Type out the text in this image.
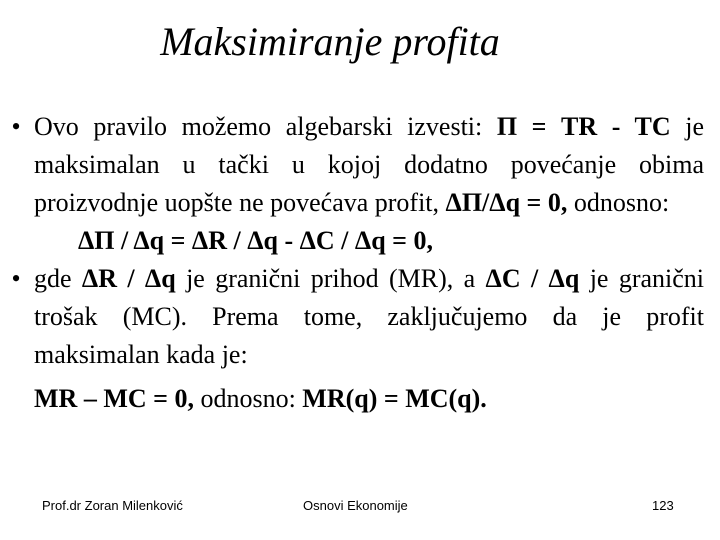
Maksimiranje profita
• Ovo pravilo možemo algebarski izvesti: Π = TR - TC je maksimalan u tački u kojoj dodatno povećanje obima proizvodnje uopšte ne povećava profit, ΔΠ/Δq = 0, odnosno:

ΔΠ / Δq = ΔR / Δq - ΔC / Δq = 0,
• gde ΔR / Δq je granični prihod (MR), a ΔC / Δq je granični trošak (MC). Prema tome, zaključujemo da je profit maksimalan kada je:

MR – MC = 0, odnosno: MR(q) = MC(q).
Prof.dr Zoran Milenković	Osnovi Ekonomije	123
